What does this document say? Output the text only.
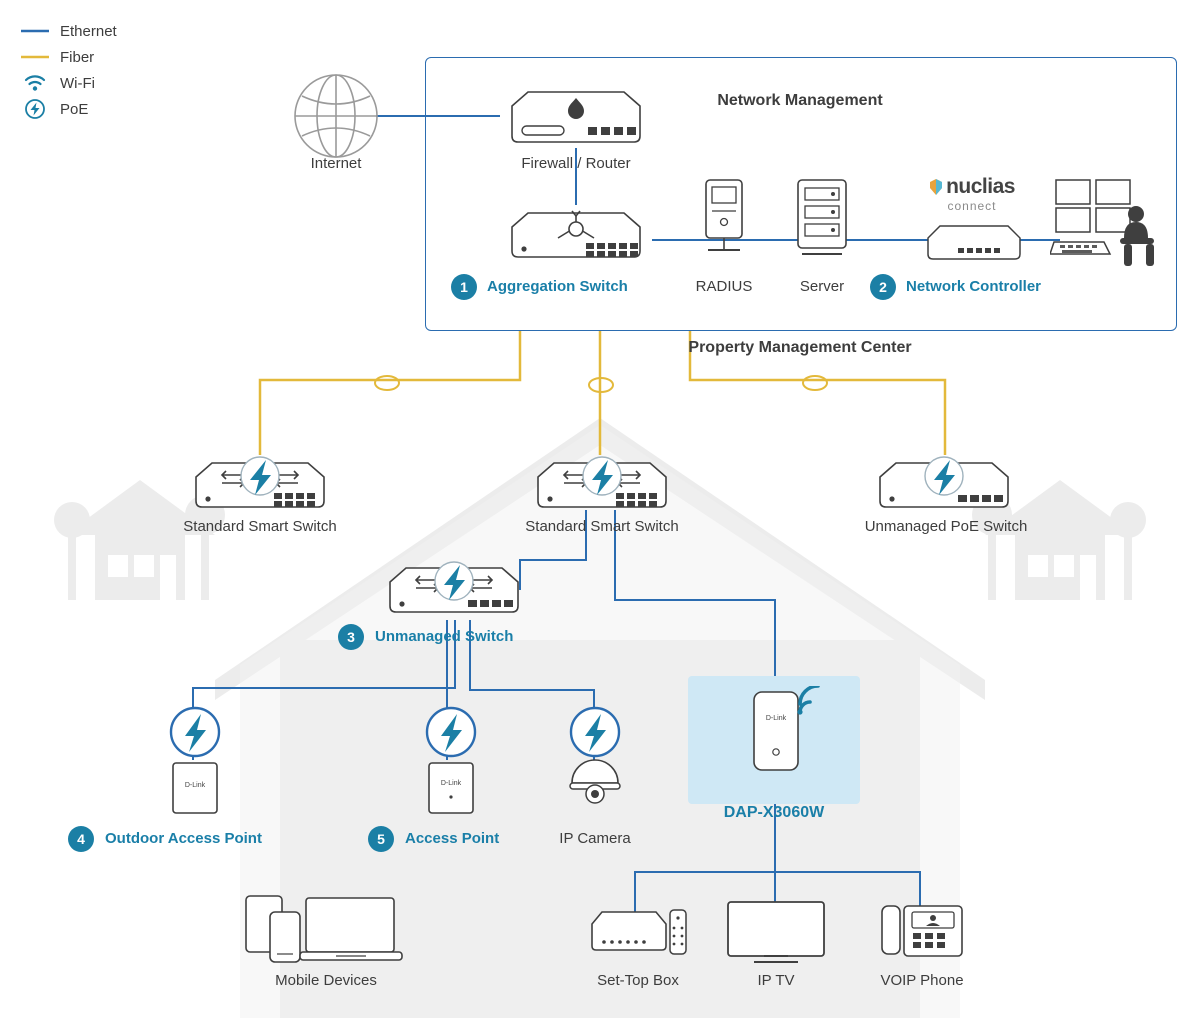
Ethernet
Fiber
Wi-Fi
PoE	Network Management
Property Management Center
Internet	Firewall / Router
1	Aggregation Switch	RADIUS	Server
nuclias
connect
2	Network Controller
Standard Smart Switch	Standard Smart Switch	Unmanaged PoE Switch
3	Unmanaged Switch
D-Link
4	Outdoor Access Point
D-Link
5	Access Point	IP Camera
D-Link
DAP-X3060W
Mobile Devices	Set-Top Box	IP TV	VOIP Phone
